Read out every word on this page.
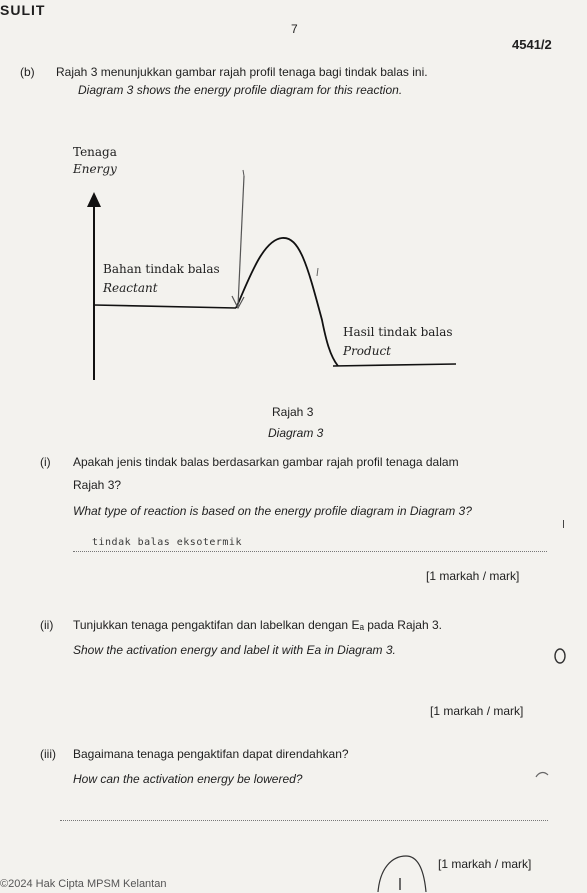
SULIT
7
4541/2
(b) Rajah 3 menunjukkan gambar rajah profil tenaga bagi tindak balas ini.
Diagram 3 shows the energy profile diagram for this reaction.
Tenaga
Energy
Bahan tindak balas
Reactant
Hasil tindak balas
Product
Rajah 3
Diagram 3
(i) Apakah jenis tindak balas berdasarkan gambar rajah profil tenaga dalam
Rajah 3?
What type of reaction is based on the energy profile diagram in Diagram 3?
tindak balas eksotermik
[1 markah / mark]
(ii) Tunjukkan tenaga pengaktifan dan labelkan dengan Eₐ pada Rajah 3.
Show the activation energy and label it with Ea in Diagram 3.
[1 markah / mark]
(iii) Bagaimana tenaga pengaktifan dapat direndahkan?
How can the activation energy be lowered?
[1 markah / mark]
©2024 Hak Cipta MPSM Kelantan
